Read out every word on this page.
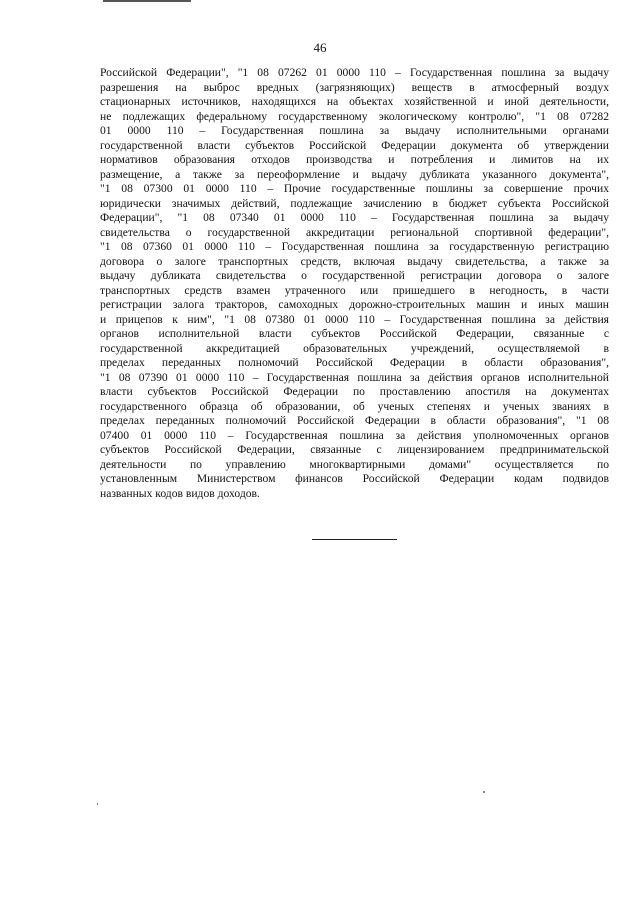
46
Российской Федерации", "1 08 07262 01 0000 110 – Государственная пошлина за выдачу
разрешения на выброс вредных (загрязняющих) веществ в атмосферный воздух
стационарных источников, находящихся на объектах хозяйственной и иной деятельности,
не подлежащих федеральному государственному экологическому контролю", "1 08 07282
01 0000 110 – Государственная пошлина за выдачу исполнительными органами
государственной власти субъектов Российской Федерации документа об утверждении
нормативов образования отходов производства и потребления и лимитов на их
размещение, а также за переоформление и выдачу дубликата указанного документа",
"1 08 07300 01 0000 110 – Прочие государственные пошлины за совершение прочих
юридически значимых действий, подлежащие зачислению в бюджет субъекта Российской
Федерации", "1 08 07340 01 0000 110 – Государственная пошлина за выдачу
свидетельства о государственной аккредитации региональной спортивной федерации",
"1 08 07360 01 0000 110 – Государственная пошлина за государственную регистрацию
договора о залоге транспортных средств, включая выдачу свидетельства, а также за
выдачу дубликата свидетельства о государственной регистрации договора о залоге
транспортных средств взамен утраченного или пришедшего в негодность, в части
регистрации залога тракторов, самоходных дорожно-строительных машин и иных машин
и прицепов к ним", "1 08 07380 01 0000 110 – Государственная пошлина за действия
органов исполнительной власти субъектов Российской Федерации, связанные с
государственной аккредитацией образовательных учреждений, осуществляемой в
пределах переданных полномочий Российской Федерации в области образования",
"1 08 07390 01 0000 110 – Государственная пошлина за действия органов исполнительной
власти субъектов Российской Федерации по проставлению апостиля на документах
государственного образца об образовании, об ученых степенях и ученых званиях в
пределах переданных полномочий Российской Федерации в области образования", "1 08
07400 01 0000 110 – Государственная пошлина за действия уполномоченных органов
субъектов Российской Федерации, связанные с лицензированием предпринимательской
деятельности по управлению многоквартирными домами" осуществляется по
установленным Министерством финансов Российской Федерации кодам подвидов
названных кодов видов доходов.
